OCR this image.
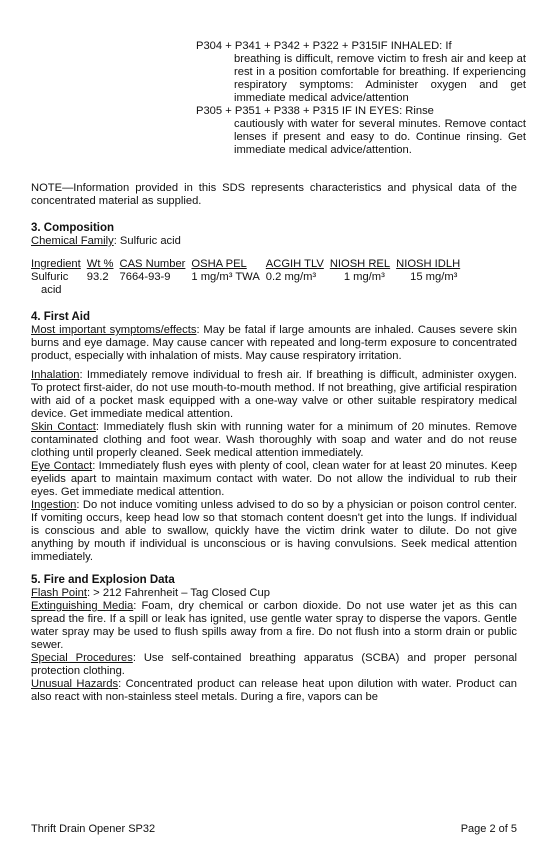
P304 + P341 + P342 + P322 + P315IF INHALED: If
breathing is difficult, remove victim to fresh air and keep at rest in a position comfortable for breathing. If experiencing respiratory symptoms: Administer oxygen and get immediate medical advice/attention
P305 + P351 + P338 + P315 IF IN EYES: Rinse
cautiously with water for several minutes. Remove contact lenses if present and easy to do. Continue rinsing. Get immediate medical advice/attention.
NOTE—Information provided in this SDS represents characteristics and physical data of the concentrated material as supplied.
3. Composition
Chemical Family: Sulfuric acid
Ingredient	Wt %	CAS Number	OSHA PEL	ACGIH TLV	NIOSH REL	NIOSH IDLH
Sulfuric
acid	93.2	7664-93-9	1 mg/m³ TWA	0.2 mg/m³	1 mg/m³	15 mg/m³
4. First Aid
Most important symptoms/effects: May be fatal if large amounts are inhaled. Causes severe skin burns and eye damage. May cause cancer with repeated and long-term exposure to concentrated product, especially with inhalation of mists. May cause respiratory irritation.
Inhalation: Immediately remove individual to fresh air. If breathing is difficult, administer oxygen. To protect first-aider, do not use mouth-to-mouth method. If not breathing, give artificial respiration with aid of a pocket mask equipped with a one-way valve or other suitable respiratory medical device. Get immediate medical attention.
Skin Contact: Immediately flush skin with running water for a minimum of 20 minutes. Remove contaminated clothing and foot wear. Wash thoroughly with soap and water and do not reuse clothing until properly cleaned. Seek medical attention immediately.
Eye Contact: Immediately flush eyes with plenty of cool, clean water for at least 20 minutes. Keep eyelids apart to maintain maximum contact with water. Do not allow the individual to rub their eyes. Get immediate medical attention.
Ingestion: Do not induce vomiting unless advised to do so by a physician or poison control center. If vomiting occurs, keep head low so that stomach content doesn't get into the lungs. If individual is conscious and able to swallow, quickly have the victim drink water to dilute. Do not give anything by mouth if individual is unconscious or is having convulsions. Seek medical attention immediately.
5. Fire and Explosion Data
Flash Point: > 212 Fahrenheit – Tag Closed Cup
Extinguishing Media: Foam, dry chemical or carbon dioxide. Do not use water jet as this can spread the fire. If a spill or leak has ignited, use gentle water spray to disperse the vapors. Gentle water spray may be used to flush spills away from a fire. Do not flush into a storm drain or public sewer.
Special Procedures: Use self-contained breathing apparatus (SCBA) and proper personal protection clothing.
Unusual Hazards: Concentrated product can release heat upon dilution with water. Product can also react with non-stainless steel metals. During a fire, vapors can be
Thrift Drain Opener SP32	Page 2 of 5
